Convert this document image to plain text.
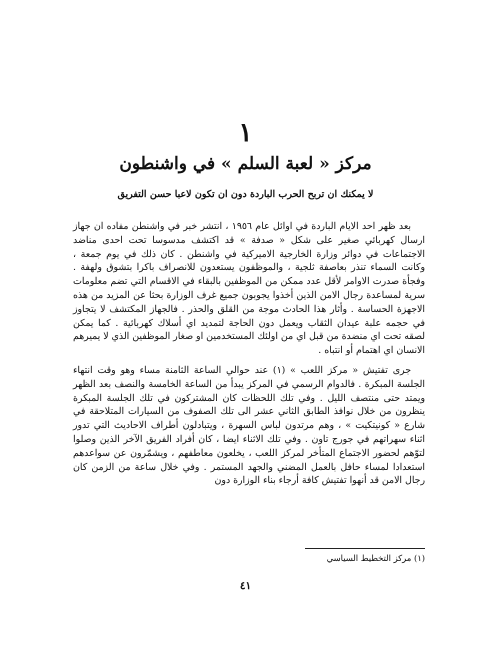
١
مركز « لعبة السلم » في واشنطون
لا يمكنك ان تربح الحرب الباردة دون ان تكون لاعبا حسن التفريق

بعد ظهر احد الايام الباردة في اوائل عام ١٩٥٦ ، انتشر خبر في واشنطن مفاده ان جهاز ارسال كهربائي صغير على شكل « صدفة » قد اكتشف مدسوسا تحت احدى مناضد الاجتماعات في دوائر وزارة الخارجية الاميركية في واشنطن . كان ذلك في يوم جمعة ، وكانت السماء تنذر بعاصفة ثلجية ، والموظفون يستعدون للانصراف باكرا بتشوق ولهفة . وفجأة صدرت الاوامر لأقل عدد ممكن من الموظفين بالبقاء في الاقسام التي تضم معلومات سرية لمساعدة رجال الامن الذين أخذوا يجوبون جميع غرف الوزارة بحثا عن المزيد من هذه الاجهزة الحساسة . وأثار هذا الحادث موجة من القلق والحذر . فالجهاز المكتشف لا يتجاوز في حجمه علبة عيدان الثقاب ويعمل دون الحاجة لتمديد اي أسلاك كهربائية . كما يمكن لصقه تحت اي منضدة من قبل اي من اولئك المستخدمين او صغار الموظفين الذي لا يميرهم الانسان اي اهتمام أو انتباه .

جرى تفتيش « مركز اللعب » (١) عند حوالي الساعة الثامنة مساء وهو وقت انتهاء الجلسة المبكرة . فالدوام الرسمي في المركز يبدأ من الساعة الخامسة والنصف بعد الظهر ويمتد حتى منتصف الليل . وفي تلك اللحظات كان المشتركون في تلك الجلسة المبكرة ينظرون من خلال نوافذ الطابق الثاني عشر الى تلك الصفوف من السيارات المتلاحقة في شارع « كونيتكيت » ، وهم مرتدون لباس السهرة ، ويتبادلون أطراف الاحاديث التي تدور اثناء سهراتهم في جورج تاون . وفي تلك الاثناء ايضا ، كان أفراد الفريق الآخر الذين وصلوا لتوّهم لحضور الاجتماع المتأخر لمركز اللعب ، يخلعون معاطفهم ، ويشمّرون عن سواعدهم استعدادا لمساء حافل بالعمل المضني والجهد المستمر . وفي خلال ساعة من الزمن كان رجال الامن قد أنهوا تفتيش كافة أرجاء بناء الوزارة دون

(١) مركز التخطيط السياسي
٤١
